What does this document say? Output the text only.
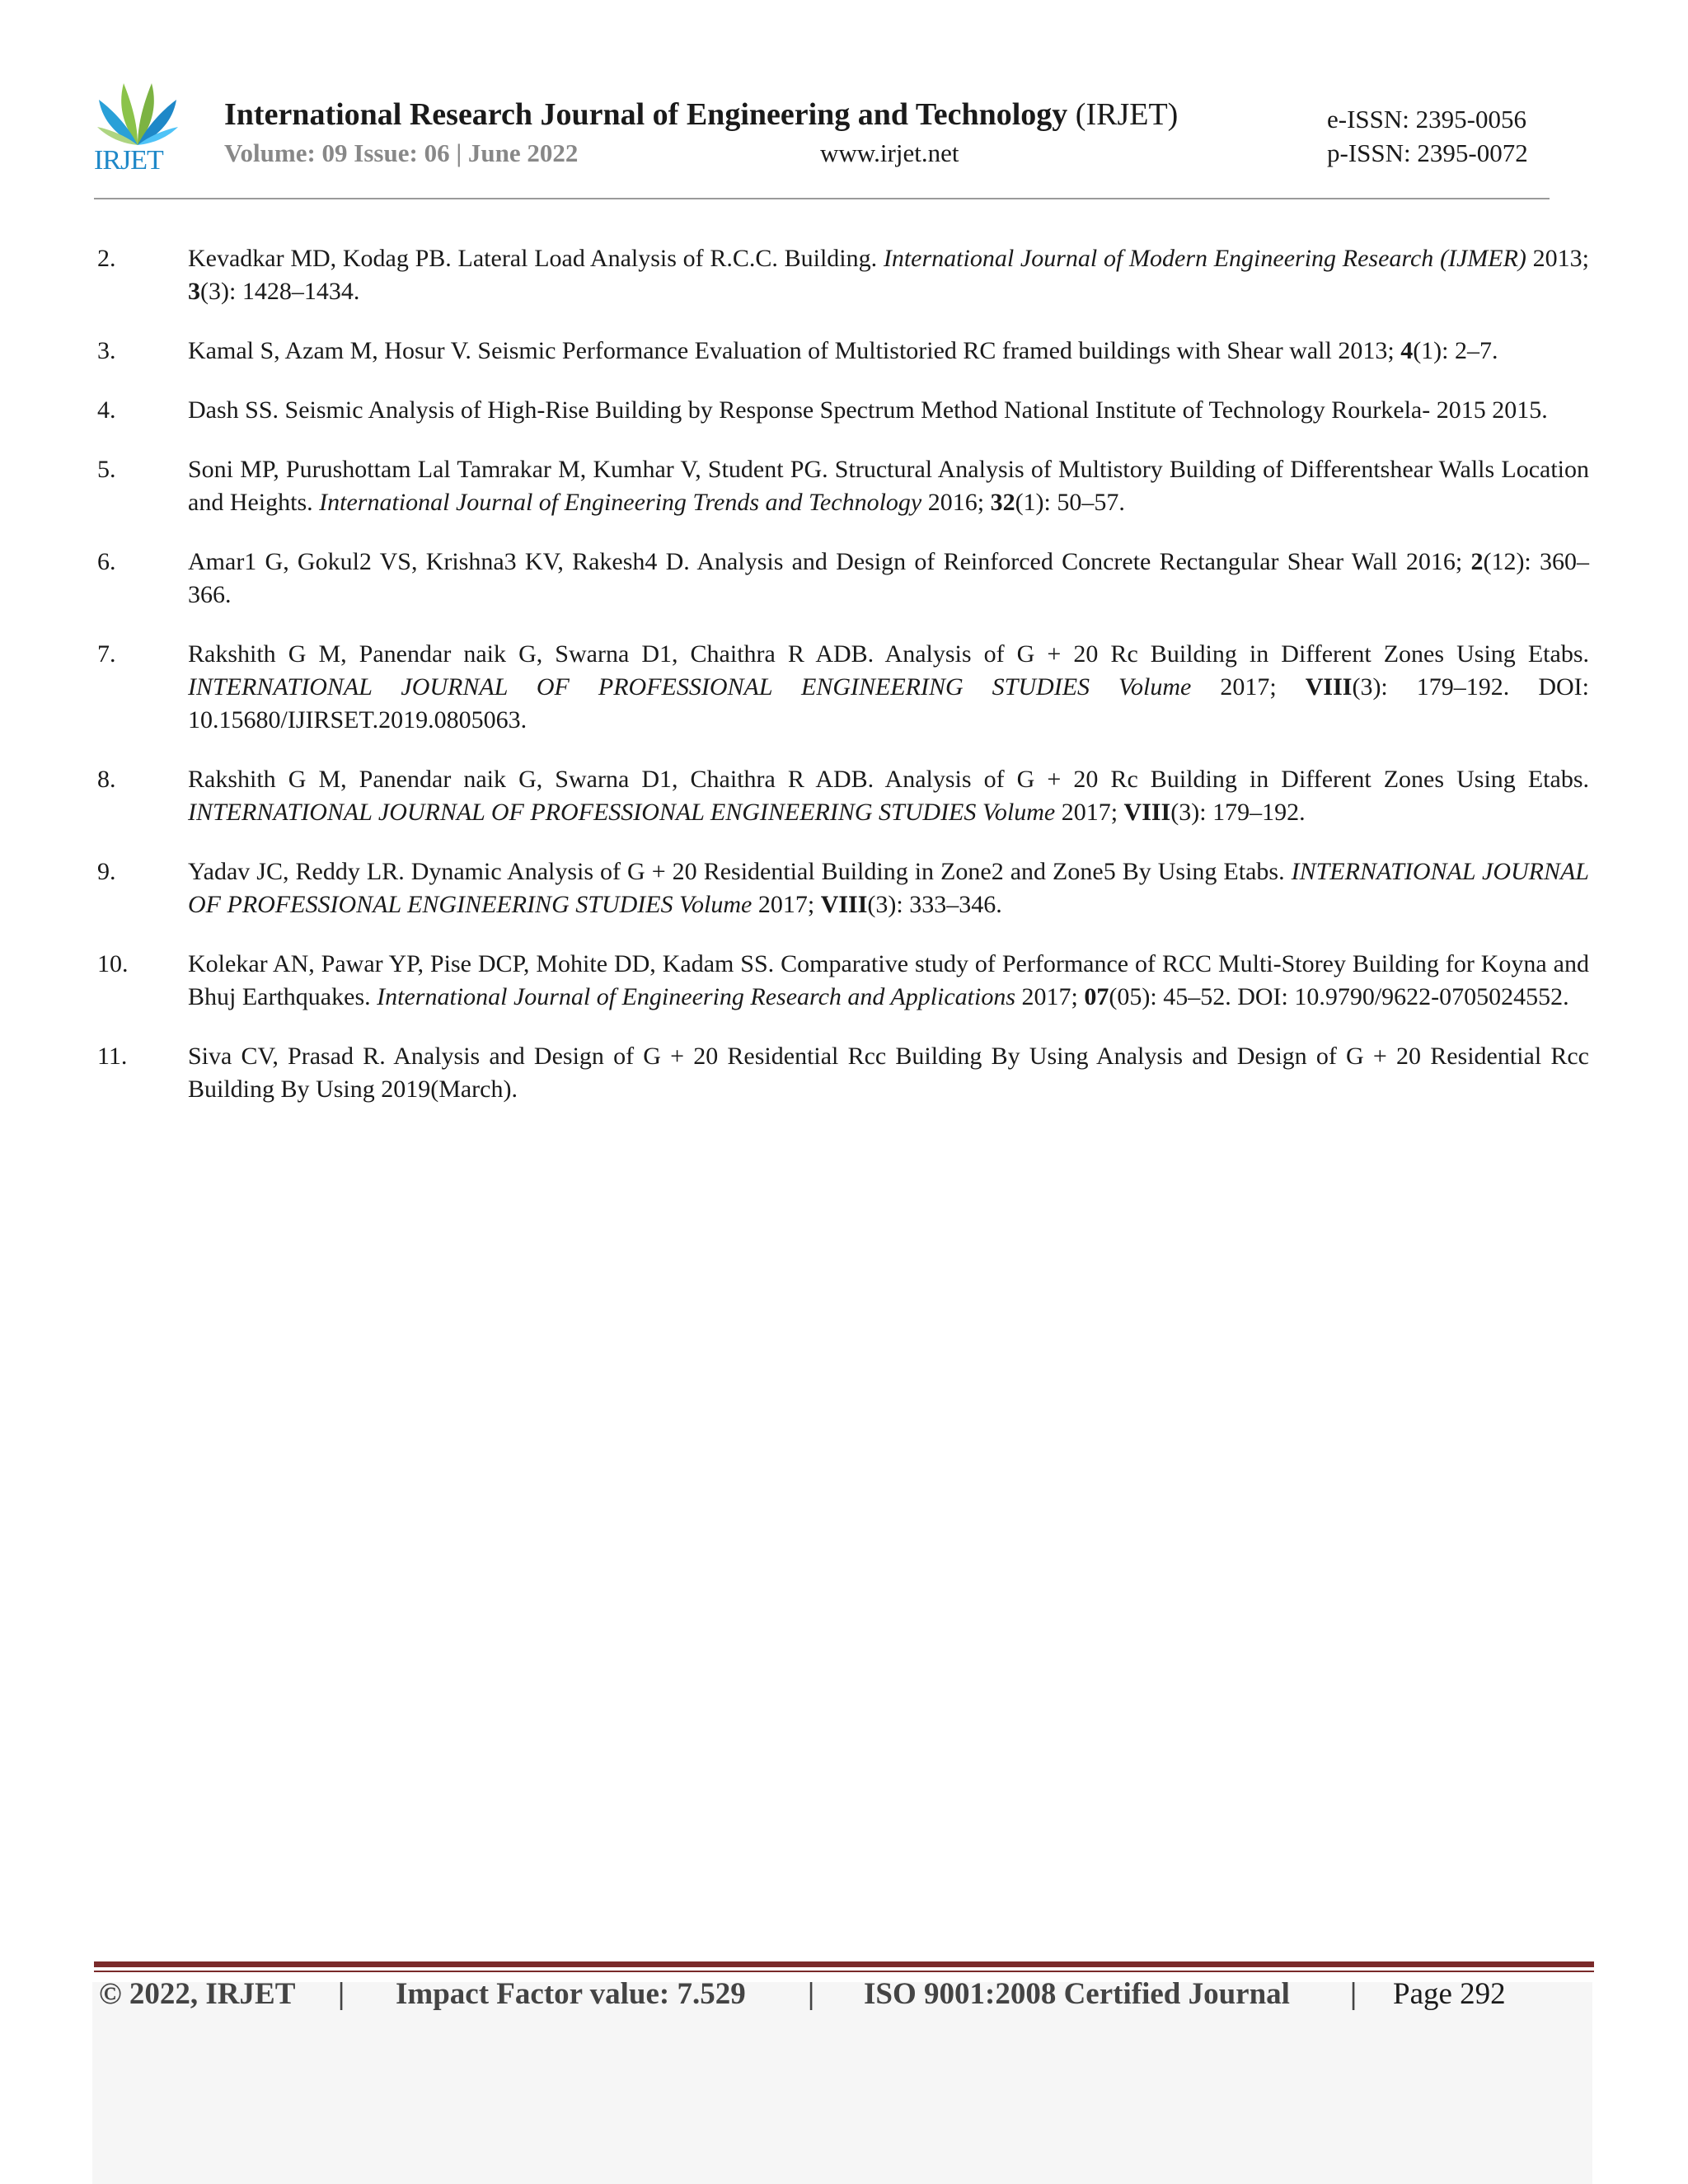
IRJET
International Research Journal of Engineering and Technology (IRJET)
Volume: 09 Issue: 06 | June 2022	www.irjet.net
e-ISSN: 2395-0056
p-ISSN: 2395-0072
2.	Kevadkar MD, Kodag PB. Lateral Load Analysis of R.C.C. Building. International Journal of Modern Engineering Research (IJMER) 2013; 3(3): 1428–1434.
3.	Kamal S, Azam M, Hosur V. Seismic Performance Evaluation of Multistoried RC framed buildings with Shear wall 2013; 4(1): 2–7.
4.	Dash SS. Seismic Analysis of High-Rise Building by Response Spectrum Method National Institute of Technology Rourkela- 2015 2015.
5.	Soni MP, Purushottam Lal Tamrakar M, Kumhar V, Student PG. Structural Analysis of Multistory Building of Differentshear Walls Location and Heights. International Journal of Engineering Trends and Technology 2016; 32(1): 50–57.
6.	Amar1 G, Gokul2 VS, Krishna3 KV, Rakesh4 D. Analysis and Design of Reinforced Concrete Rectangular Shear Wall 2016; 2(12): 360–366.
7.	Rakshith G M, Panendar naik G, Swarna D1, Chaithra R ADB. Analysis of G + 20 Rc Building in Different Zones Using Etabs. INTERNATIONAL JOURNAL OF PROFESSIONAL ENGINEERING STUDIES Volume 2017; VIII(3): 179–192. DOI: 10.15680/IJIRSET.2019.0805063.
8.	Rakshith G M, Panendar naik G, Swarna D1, Chaithra R ADB. Analysis of G + 20 Rc Building in Different Zones Using Etabs. INTERNATIONAL JOURNAL OF PROFESSIONAL ENGINEERING STUDIES Volume 2017; VIII(3): 179–192.
9.	Yadav JC, Reddy LR. Dynamic Analysis of G + 20 Residential Building in Zone2 and Zone5 By Using Etabs. INTERNATIONAL JOURNAL OF PROFESSIONAL ENGINEERING STUDIES Volume 2017; VIII(3): 333–346.
10.	Kolekar AN, Pawar YP, Pise DCP, Mohite DD, Kadam SS. Comparative study of Performance of RCC Multi-Storey Building for Koyna and Bhuj Earthquakes. International Journal of Engineering Research and Applications 2017; 07(05): 45–52. DOI: 10.9790/9622-0705024552.
11.	Siva CV, Prasad R. Analysis and Design of G + 20 Residential Rcc Building By Using Analysis and Design of G + 20 Residential Rcc Building By Using 2019(March).
© 2022, IRJET | Impact Factor value: 7.529 | ISO 9001:2008 Certified Journal | Page 292
